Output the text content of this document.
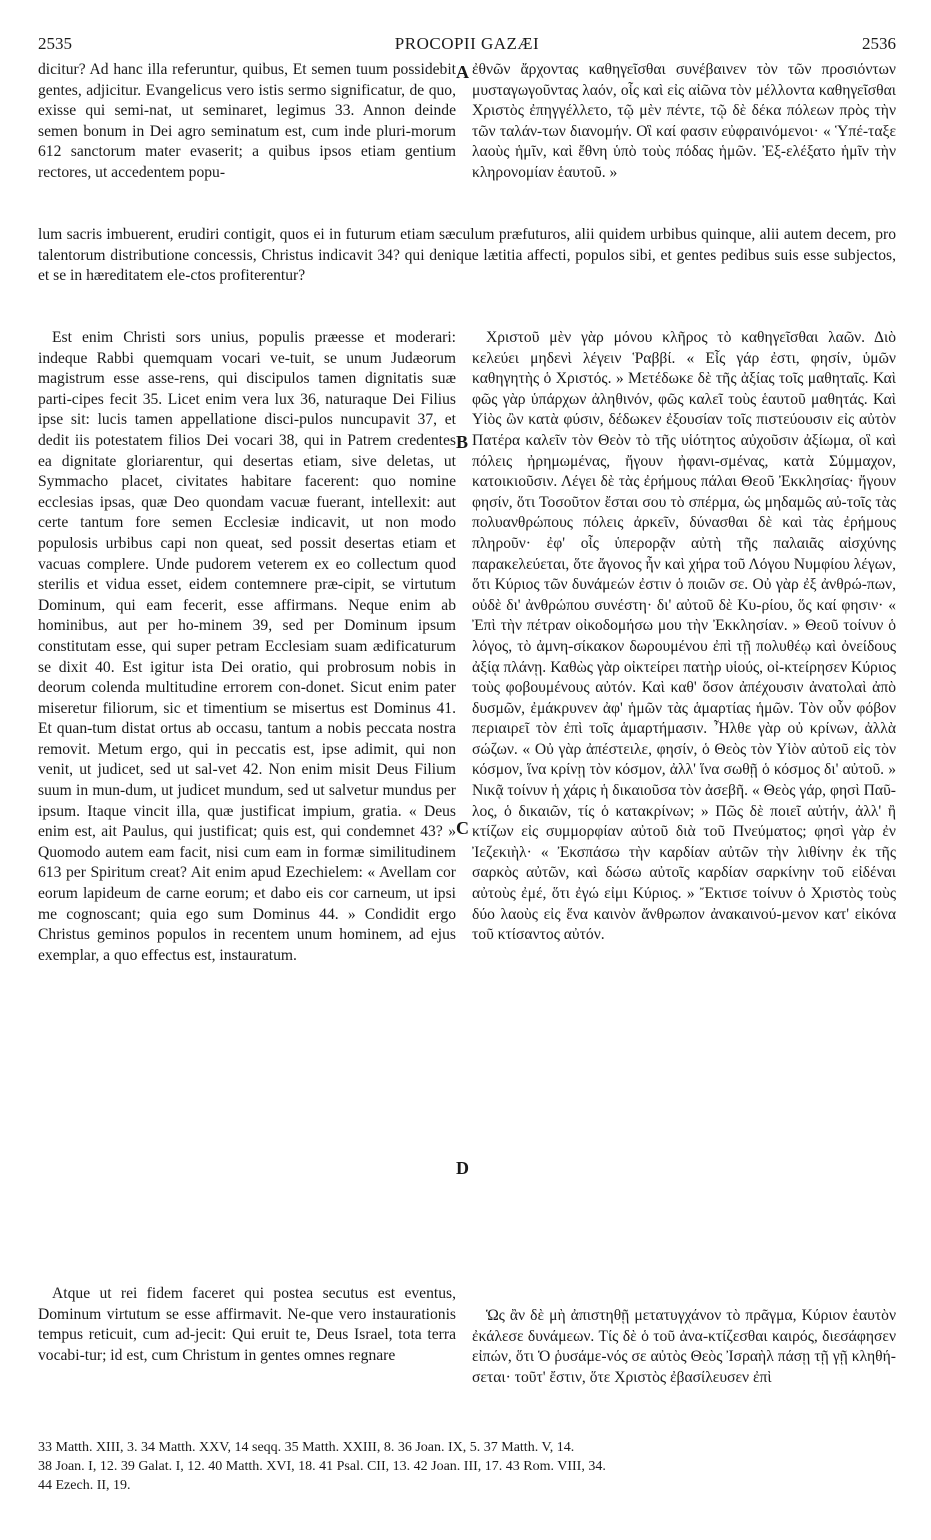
2535	PROCOPII GAZÆI	2536

dicitur? Ad hanc illa referuntur, quibus, Et semen tuum possidebit gentes, adjicitur. Evangelicus vero istis sermo significatur, de quo, exisse qui semi-nat, ut seminaret, legimus 33. Annon deinde semen bonum in Dei agro seminatum est, cum inde pluri-morum 612 sanctorum mater evaserit; a quibus ipsos etiam gentium rectores, ut accedentem popu-

A ἐθνῶν ἄρχοντας καθηγεῖσθαι συνέβαινεν τὸν τῶν προσιόντων μυσταγωγοῦντας λαόν, οἷς καὶ εἰς αἰῶνα τὸν μέλλοντα καθηγεῖσθαι Χριστὸς ἐπηγγέλλετο, τῷ μὲν πέντε, τῷ δὲ δέκα πόλεων πρὸς τὴν τῶν ταλάν-των διανομήν. Οἳ καί φασιν εὐφραινόμενοι· « Ὑπέ-ταξε λαοὺς ἡμῖν, καὶ ἔθνη ὑπὸ τοὺς πόδας ἡμῶν. Ἐξ-ελέξατο ἡμῖν τὴν κληρονομίαν ἑαυτοῦ. »

lum sacris imbuerent, erudiri contigit, quos ei in futurum etiam sæculum præfuturos, alii quidem urbibus quinque, alii autem decem, pro talentorum distributione concessis, Christus indicavit 34? qui denique lætitia affecti, populos sibi, et gentes pedibus suis esse subjectos, et se in hæreditatem ele-ctos profiterentur?

Est enim Christi sors unius, populis præesse et moderari: indeque Rabbi quemquam vocari ve-tuit, se unum Judæorum magistrum esse asse-rens, qui discipulos tamen dignitatis suæ parti-cipes fecit 35. Licet enim vera lux 36, naturaque Dei Filius ipse sit: lucis tamen appellatione disci-pulos nuncupavit 37, et dedit iis potestatem filios Dei vocari 38, qui in Patrem credentes ea dignitate gloriarentur, qui desertas etiam, sive deletas, ut Symmacho placet, civitates habitare facerent: quo nomine ecclesias ipsas, quæ Deo quondam vacuæ fuerant, intellexit: aut certe tantum fore semen Ecclesiæ indicavit, ut non modo populosis urbibus capi non queat, sed possit desertas etiam et vacuas complere. Unde pudorem veterem ex eo collectum quod sterilis et vidua esset, eidem contemnere præ-cipit, se virtutum Dominum, qui eam fecerit, esse affirmans. Neque enim ab hominibus, aut per ho-minem 39, sed per Dominum ipsum constitutam esse, qui super petram Ecclesiam suam ædificaturum se dixit 40. Est igitur ista Dei oratio, qui probrosum nobis in deorum colenda multitudine errorem con-donet. Sicut enim pater miseretur filiorum, sic et timentium se misertus est Dominus 41. Et quan-tum distat ortus ab occasu, tantum a nobis peccata nostra removit. Metum ergo, qui in peccatis est, ipse adimit, qui non venit, ut judicet, sed ut sal-vet 42. Non enim misit Deus Filium suum in mun-dum, ut judicet mundum, sed ut salvetur mundus per ipsum. Itaque vincit illa, quæ justificat impium, gratia. « Deus enim est, ait Paulus, qui justificat; quis est, qui condemnet 43? » Quomodo autem eam facit, nisi cum eam in formæ similitudinem 613 per Spiritum creat? Ait enim apud Ezechielem: « Avellam cor eorum lapideum de carne eorum; et dabo eis cor carneum, ut ipsi me cognoscant; quia ego sum Dominus 44. » Condidit ergo Christus geminos populos in recentem unum hominem, ad ejus exemplar, a quo effectus est, instauratum.

B
C
D

Χριστοῦ μὲν γὰρ μόνου κλῆρος τὸ καθηγεῖσθαι λαῶν. Διὸ κελεύει μηδενὶ λέγειν Ῥαββί. « Εἷς γάρ ἐστι, φησίν, ὑμῶν καθηγητὴς ὁ Χριστός. » Μετέδωκε δὲ τῆς ἀξίας τοῖς μαθηταῖς. Καὶ φῶς γὰρ ὑπάρχων ἀληθινόν, φῶς καλεῖ τοὺς ἑαυτοῦ μαθητάς. Καὶ Υἱὸς ὢν κατὰ φύσιν, δέδωκεν ἐξουσίαν τοῖς πιστεύουσιν εἰς αὐτὸν Πατέρα καλεῖν τὸν Θεὸν τὸ τῆς υἱότητος αὐχοῦσιν ἀξίωμα, οἳ καὶ πόλεις ἠρημωμένας, ἤγουν ἠφανι-σμένας, κατὰ Σύμμαχον, κατοικιοῦσιν. Λέγει δὲ τὰς ἐρήμους πάλαι Θεοῦ Ἐκκλησίας· ἤγουν φησίν, ὅτι Τοσοῦτον ἔσται σου τὸ σπέρμα, ὡς μηδαμῶς αὐ-τοῖς τὰς πολυανθρώπους πόλεις ἀρκεῖν, δύνασθαι δὲ καὶ τὰς ἐρήμους πληροῦν· ἐφ' οἷς ὑπερορᾷν αὐτὴ τῆς παλαιᾶς αἰσχύνης παρακελεύεται, ὅτε ἄγονος ἦν καὶ χήρα τοῦ Λόγου Νυμφίου λέγων, ὅτι Κύριος τῶν δυνάμεών ἐστιν ὁ ποιῶν σε. Οὐ γὰρ ἐξ ἀνθρώ-πων, οὐδὲ δι' ἀνθρώπου συνέστη· δι' αὐτοῦ δὲ Κυ-ρίου, ὅς καί φησιν· « Ἐπὶ τὴν πέτραν οἰκοδομήσω μου τὴν Ἐκκλησίαν. » Θεοῦ τοίνυν ὁ λόγος, τὸ ἀμνη-σίκακον δωρουμένου ἐπὶ τῇ πολυθέῳ καὶ ὀνείδους ἀξίᾳ πλάνῃ. Καθὼς γὰρ οἰκτείρει πατὴρ υἱούς, οἰ-κτείρησεν Κύριος τοὺς φοβουμένους αὐτόν. Καὶ καθ' ὅσον ἀπέχουσιν ἀνατολαὶ ἀπὸ δυσμῶν, ἐμάκρυνεν ἀφ' ἡμῶν τὰς ἁμαρτίας ἡμῶν. Τὸν οὖν φόβον περιαιρεῖ τὸν ἐπὶ τοῖς ἁμαρτήμασιν. Ἦλθε γὰρ οὐ κρίνων, ἀλλὰ σώζων. « Οὐ γὰρ ἀπέστειλε, φησίν, ὁ Θεὸς τὸν Υἱὸν αὐτοῦ εἰς τὸν κόσμον, ἵνα κρίνῃ τὸν κόσμον, ἀλλ' ἵνα σωθῇ ὁ κόσμος δι' αὐτοῦ. » Νικᾷ τοίνυν ἡ χάρις ἡ δικαιοῦσα τὸν ἀσεβῆ. « Θεὸς γάρ, φησὶ Παῦ-λος, ὁ δικαιῶν, τίς ὁ κατακρίνων; » Πῶς δὲ ποιεῖ αὐτήν, ἀλλ' ἢ κτίζων εἰς συμμορφίαν αὐτοῦ διὰ τοῦ Πνεύματος; φησὶ γὰρ ἐν Ἰεζεκιὴλ· « Ἐκσπάσω τὴν καρδίαν αὐτῶν τὴν λιθίνην ἐκ τῆς σαρκὸς αὐτῶν, καὶ δώσω αὐτοῖς καρδίαν σαρκίνην τοῦ εἰδέναι αὐτοὺς ἐμέ, ὅτι ἐγώ εἰμι Κύριος. » Ἔκτισε τοίνυν ὁ Χριστὸς τοὺς δύο λαοὺς εἰς ἕνα καινὸν ἄνθρωπον ἀνακαινού-μενον κατ' εἰκόνα τοῦ κτίσαντος αὐτόν.

Atque ut rei fidem faceret qui postea secutus est eventus, Dominum virtutum se esse affirmavit. Ne-que vero instaurationis tempus reticuit, cum ad-jecit: Qui eruit te, Deus Israel, tota terra vocabi-tur; id est, cum Christum in gentes omnes regnare

Ὡς ἂν δὲ μὴ ἀπιστηθῇ μετατυγχάνον τὸ πρᾶγμα, Κύριον ἑαυτὸν ἐκάλεσε δυνάμεων. Τίς δὲ ὁ τοῦ ἀνα-κτίζεσθαι καιρός, διεσάφησεν εἰπών, ὅτι Ὁ ῥυσάμε-νός σε αὐτὸς Θεὸς Ἰσραὴλ πάσῃ τῇ γῇ κληθή-σεται· τοῦτ' ἔστιν, ὅτε Χριστὸς ἐβασίλευσεν ἐπὶ

33 Matth. XIII, 3. 34 Matth. XXV, 14 seqq. 35 Matth. XXIII, 8. 36 Joan. IX, 5. 37 Matth. V, 14.
38 Joan. I, 12. 39 Galat. I, 12. 40 Matth. XVI, 18. 41 Psal. CII, 13. 42 Joan. III, 17. 43 Rom. VIII, 34.
44 Ezech. II, 19.
